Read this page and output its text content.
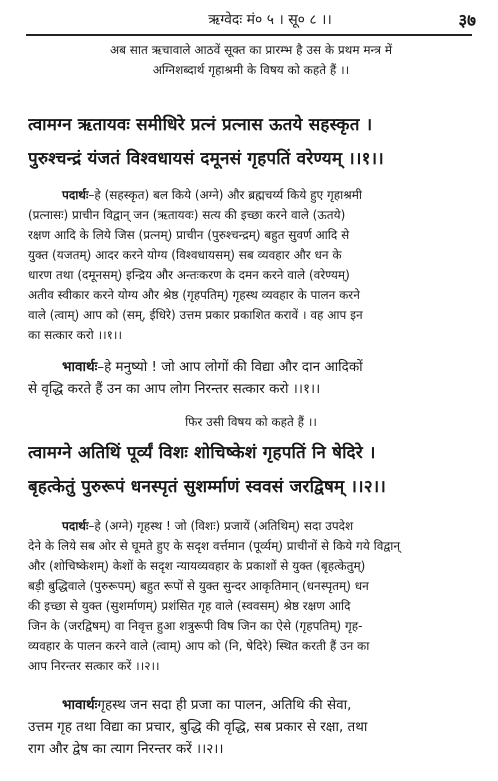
ऋग्वेदः मं० ५ । सू० ८ ।।	३७
अब सात ऋचावाले आठवें सूक्त का प्रारम्भ है उस के प्रथम मन्त्र में
अग्निशब्दार्थ गृहाश्रमी के विषय को कहते हैं ।।
त्वामग्न ऋतायवः समीधिरे प्रत्नं प्रत्नास ऊतये सहस्कृत ।
पुरुश्चन्द्रं यंजतं विश्वधायसं दमूनसं गृहपतिं वरेण्यम् ।।१।।
पदार्थः–हे (सहस्कृत) बल किये (अग्ने) और ब्रह्मचर्य्य किये हुए गृहाश्रमी
(प्रत्नासः) प्राचीन विद्वान् जन (ऋतायवः) सत्य की इच्छा करने वाले (ऊतये)
रक्षण आदि के लिये जिस (प्रत्नम्) प्राचीन (पुरुश्चन्द्रम्) बहुत सुवर्ण आदि से
युक्त (यजतम्) आदर करने योग्य (विश्वधायसम्) सब व्यवहार और धन के
धारण तथा (दमूनसम्) इन्द्रिय और अन्तःकरण के दमन करने वाले (वरेण्यम्)
अतीव स्वीकार करने योग्य और श्रेष्ठ (गृहपतिम्) गृहस्थ व्यवहार के पालन करने
वाले (त्वाम्) आप को (सम्, ईधिरे) उत्तम प्रकार प्रकाशित करावें । वह आप इन
का सत्कार करो ।।१।।
भावार्थः–हे मनुष्यो ! जो आप लोगों की विद्या और दान आदिकों
से वृद्धि करते हैं उन का आप लोग निरन्तर सत्कार करो ।।१।।
फिर उसी विषय को कहते हैं ।।
त्वामग्ने अतिथिं पूर्व्यं विशः शोचिष्केशं गृहपतिं नि षेदिरे ।
बृहत्केतुं पुरुरूपं धनस्पृतं सुशर्म्माणं स्ववसं जरद्विषम् ।।२।।
पदार्थः–हे (अग्ने) गृहस्थ ! जो (विशः) प्रजायें (अतिथिम्) सदा उपदेश
देने के लिये सब ओर से घूमते हुए के सदृश वर्त्तमान (पूर्व्यम्) प्राचीनों से किये गये विद्वान्
और (शोचिष्केशम्) केशों के सदृश न्यायव्यवहार के प्रकाशों से युक्त (बृहत्केतुम्)
बड़ी बुद्धिवाले (पुरुरूपम्) बहुत रूपों से युक्त सुन्दर आकृतिमान् (धनस्पृतम्) धन
की इच्छा से युक्त (सुशर्माणम्) प्रशंसित गृह वाले (स्ववसम्) श्रेष्ठ रक्षण आदि
जिन के (जरद्विषम्) वा निवृत्त हुआ शत्रुरूपी विष जिन का ऐसे (गृहपतिम्) गृह-
व्यवहार के पालन करने वाले (त्वाम्) आप को (नि, षेदिरे) स्थित करती हैं उन का
आप निरन्तर सत्कार करें ।।२।।
भावार्थःगृहस्थ जन सदा ही प्रजा का पालन, अतिथि की सेवा,
उत्तम गृह तथा विद्या का प्रचार, बुद्धि की वृद्धि, सब प्रकार से रक्षा, तथा
राग और द्वेष का त्याग निरन्तर करें ।।२।।
